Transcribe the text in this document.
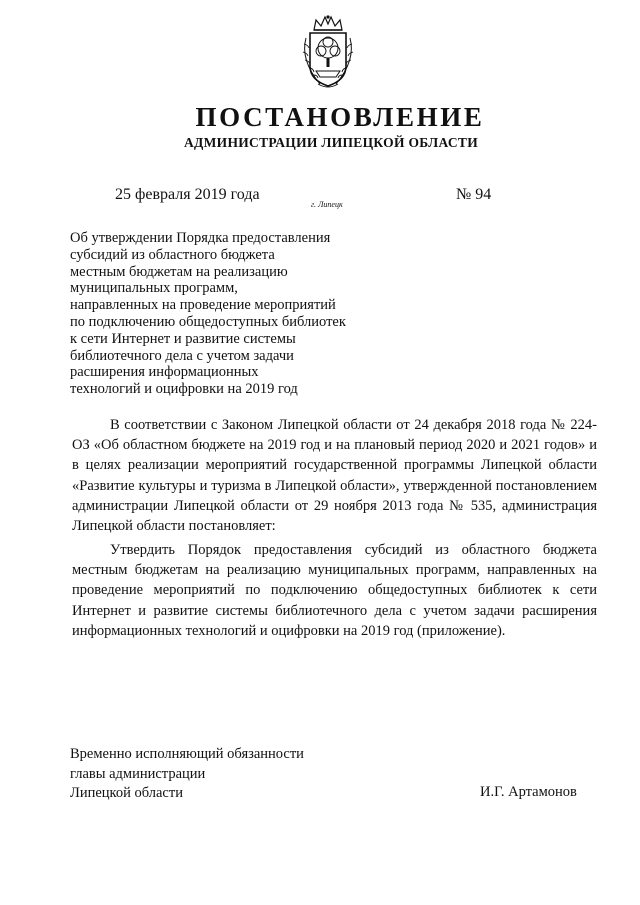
ПОСТАНОВЛЕНИЕ
АДМИНИСТРАЦИИ ЛИПЕЦКОЙ ОБЛАСТИ
25 февраля 2019 года	№ 94
г. Липецк
Об утверждении Порядка предоставления
субсидий из областного бюджета
местным бюджетам на реализацию
муниципальных программ,
направленных на проведение мероприятий
по подключению общедоступных библиотек
к сети Интернет и развитие системы
библиотечного дела с учетом задачи
расширения информационных
технологий и оцифровки на 2019 год
В соответствии с Законом Липецкой области от 24 декабря 2018 года № 224-ОЗ «Об областном бюджете на 2019 год и на плановый период 2020 и 2021 годов» и в целях реализации мероприятий государственной программы Липецкой области «Развитие культуры и туризма в Липецкой области», утвержденной постановлением администрации Липецкой области от 29 ноября 2013 года № 535, администрация Липецкой области постановляет:
Утвердить Порядок предоставления субсидий из областного бюджета местным бюджетам на реализацию муниципальных программ, направленных на проведение мероприятий по подключению общедоступных библиотек к сети Интернет и развитие системы библиотечного дела с учетом задачи расширения информационных технологий и оцифровки на 2019 год (приложение).
Временно исполняющий обязанности
главы администрации
Липецкой области	И.Г. Артамонов
